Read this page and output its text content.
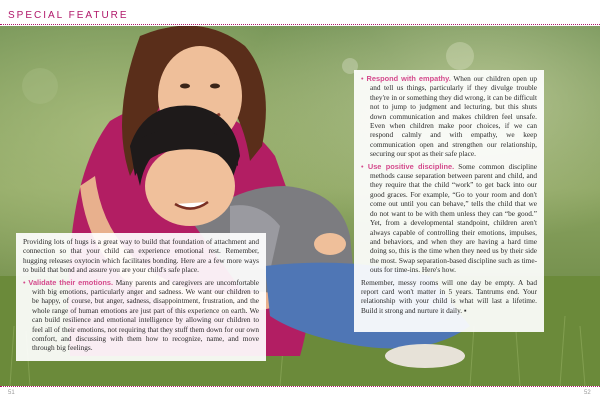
SPECIAL FEATURE

Providing lots of hugs is a great way to build that foundation of attachment and connection so that your child can experience emotional rest. Remember, hugging releases oxytocin which facilitates bonding. Here are a few more ways to build that bond and assure you are your child's safe place.

• Validate their emotions. Many parents and caregivers are uncomfortable with big emotions, particularly anger and sadness. We want our children to be happy, of course, but anger, sadness, disappointment, frustration, and the whole range of human emotions are just part of this experience on earth. We can build resilience and emotional intelligence by allowing our children to feel all of their emotions, not requiring that they stuff them down for our own comfort, and discussing with them how to recognize, name, and move through big feelings.

• Respond with empathy. When our children open up and tell us things, particularly if they divulge trouble they're in or something they did wrong, it can be difficult not to jump to judgment and lecturing, but this shuts down communication and makes children feel unsafe. Even when children make poor choices, if we can respond calmly and with empathy, we keep communication open and strengthen our relationship, securing our spot as their safe place.

• Use positive discipline. Some common discipline methods cause separation between parent and child, and they require that the child “work” to get back into our good graces. For example, “Go to your room and don't come out until you can behave,” tells the child that we do not want to be with them unless they can “be good.” Yet, from a developmental standpoint, children aren't always capable of controlling their emotions, impulses, and behaviors, and when they are having a hard time doing so, this is the time when they need us by their side the most. Swap separation-based discipline such as time-outs for time-ins. Here's how.

Remember, messy rooms will one day be empty. A bad report card won't matter in 5 years. Tantrums end. Your relationship with your child is what will last a lifetime. Build it strong and nurture it daily. ▪

51	52
